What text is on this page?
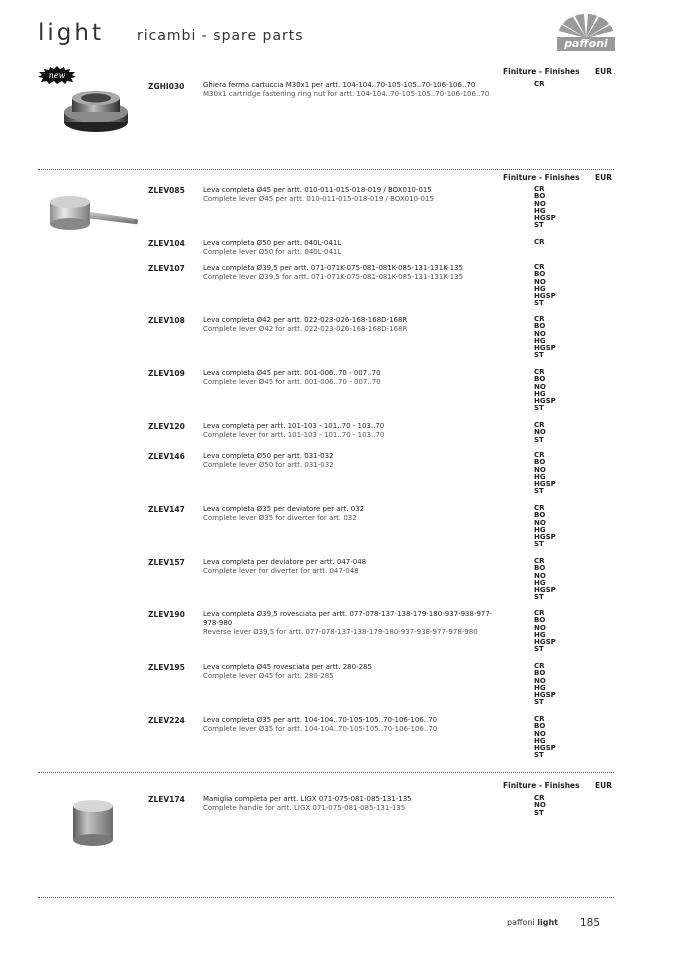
light ricambi - spare parts	paffoni
Finiture - Finishes EUR
new
ZGHI030	Ghiera ferma cartuccia M30x1 per artt. 104-104..70-105-105..70-106-106..70
M30x1 cartridge fastening ring nut for artt. 104-104..70-105-105..70-106-106..70
CR
Finiture - Finishes EUR
ZLEV085	Leva completa Ø45 per artt. 010-011-015-018-019 / BOX010-015
Complete lever Ø45 per artt. 010-011-015-018-019 / BOX010-015
CR
BO
NO
HG
HGSP
ST
ZLEV104	Leva completa Ø50 per artt. 040L-041L
Complete lever Ø50 for artt. 040L-041L
CR
ZLEV107	Leva completa Ø39,5 per artt. 071-071K-075-081-081K-085-131-131K-135
Complete lever Ø39,5 for artt. 071-071K-075-081-081K-085-131-131K-135
CR
BO
NO
HG
HGSP
ST
ZLEV108	Leva completa Ø42 per artt. 022-023-026-168-168D-168R
Complete lever Ø42 for artt. 022-023-026-168-168D-168R
CR
BO
NO
HG
HGSP
ST
ZLEV109	Leva completa Ø45 per artt. 001-006..70 - 007..70
Complete lever Ø45 for artt. 001-006..70 - 007..70
CR
BO
NO
HG
HGSP
ST
ZLEV120	Leva completa per artt. 101-103 - 101..70 - 103..70
Complete lever for artt. 101-103 - 101..70 - 103..70
CR
NO
ST
ZLEV146	Leva completa Ø50 per artt. 031-032
Complete lever Ø50 for artt. 031-032
CR
BO
NO
HG
HGSP
ST
ZLEV147	Leva completa Ø35 per deviatore per art. 032
Complete lever Ø35 for diverter for art. 032
CR
BO
NO
HG
HGSP
ST
ZLEV157	Leva completa per deviatore per artt. 047-048
Complete lever for diverter for artt. 047-048
CR
BO
NO
HG
HGSP
ST
ZLEV190	Leva completa Ø39,5 rovesciata per artt. 077-078-137-138-179-180-937-938-977-978-980
Reverse lever Ø39,5 for artt. 077-078-137-138-179-180-937-938-977-978-980
CR
BO
NO
HG
HGSP
ST
ZLEV195	Leva completa Ø45 rovesciata per artt. 280-285
Complete lever Ø45 for artt. 280-285
CR
BO
NO
HG
HGSP
ST
ZLEV224	Leva completa Ø35 per artt. 104-104..70-105-105..70-106-106..70
Complete lever Ø35 for artt. 104-104..70-105-105..70-106-106..70
CR
BO
NO
HG
HGSP
ST
Finiture - Finishes EUR
ZLEV174	Maniglia completa per artt. LIGX 071-075-081-085-131-135
Complete handle for artt. LIGX 071-075-081-085-131-135
CR
NO
ST
paffoni light 185
